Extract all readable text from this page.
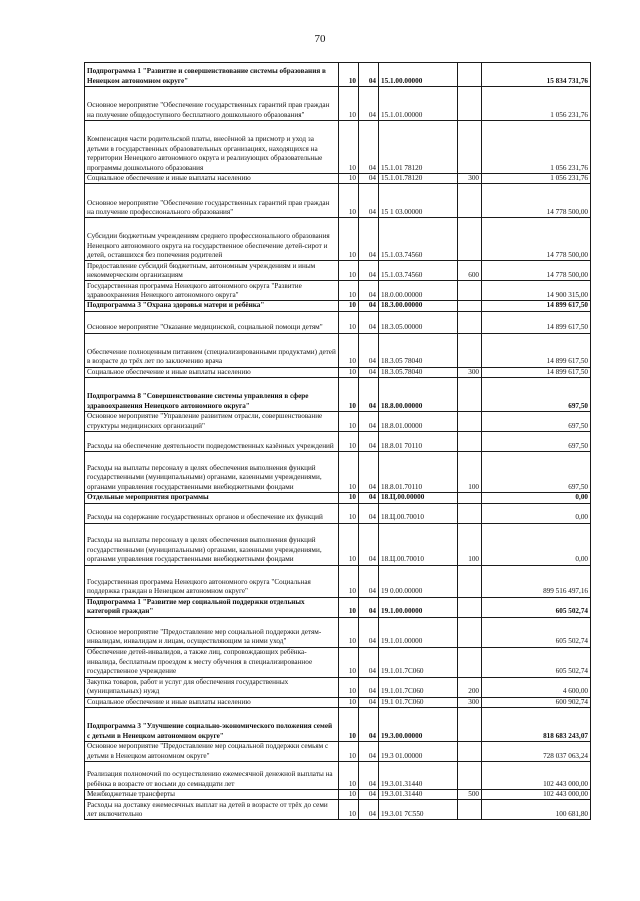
70
Подпрограмма 1 "Развитие и совершенствование системы образования в Ненецком автономном округе"	10	04	15.1.00.00000		15 834 731,76
Основное мероприятие "Обеспечение государственных гарантий прав граждан на получение общедоступного бесплатного дошкольного образования"	10	04	15.1.01.00000		1 056 231,76
Компенсация части родительской платы, внесённой за присмотр и уход за детьми в государственных образовательных организациях, находящихся на территории Ненецкого автономного округа и реализующих образовательные программы дошкольного образования	10	04	15.1.01 78120		1 056 231,76
Социальное обеспечение и иные выплаты населению	10	04	15.1.01.78120	300	1 056 231,76
Основное мероприятие "Обеспечение государственных гарантий прав граждан на получение профессионального образования"	10	04	15 1 03.00000		14 778 500,00
Субсидии бюджетным учреждениям среднего профессионального образования Ненецкого автономного округа на государственное обеспечение детей-сирот и детей, оставшихся без попечения родителей	10	04	15.1.03.74560		14 778 500,00
Предоставление субсидий бюджетным, автономным учреждениям и иным некоммерческим организациям	10	04	15.1.03.74560	600	14 778 500,00
Государственная программа Ненецкого автономного округа "Развитие здравоохранения Ненецкого автономного округа"	10	04	18.0.00.00000		14 900 315,00
Подпрограмма 3 "Охрана здоровья матери и ребёнка"	10	04	18.3.00.00000		14 899 617,50
Основное мероприятие "Оказание медицинской, социальной помощи детям"	10	04	18.3.05.00000		14 899 617,50
Обеспечение полноценным питанием (специализированными продуктами) детей в возрасте до трёх лет по заключению врача	10	04	18.3.05 78040		14 899 617,50
Социальное обеспечение и иные выплаты населению	10	04	18.3.05.78040	300	14 899 617,50
Подпрограмма 8 "Совершенствование системы управления в сфере здравоохранения Ненецкого автономного округа"	10	04	18.8.00.00000		697,50
Основное мероприятие "Управление развитием отрасли, совершенствование структуры медицинских организаций"	10	04	18.8.01.00000		697,50
Расходы на обеспечение деятельности подведомственных казённых учреждений	10	04	18.8.01 70110		697,50
Расходы на выплаты персоналу в целях обеспечения выполнения функций государственными (муниципальными) органами, казенными учреждениями, органами управления государственными внебюджетными фондами	10	04	18.8.01.70110	100	697,50
Отдельные мероприятия программы	10	04	18.Ц.00.00000		0,00
Расходы на содержание государственных органов и обеспечение их функций	10	04	18.Ц.00.70010		0,00
Расходы на выплаты персоналу в целях обеспечения выполнения функций государственными (муниципальными) органами, казенными учреждениями, органами управления государственными внебюджетными фондами	10	04	18.Ц.00.70010	100	0,00
Государственная программа Ненецкого автономного округа "Социальная поддержка граждан в Ненецком автономном округе"	10	04	19 0.00.00000		899 516 497,16
Подпрограмма 1 "Развитие мер социальной поддержки отдельных категорий граждан"	10	04	19.1.00.00000		605 502,74
Основное мероприятие "Предоставление мер социальной поддержки детям-инвалидам, инвалидам и лицам, осуществляющим за ними уход"	10	04	19.1.01.00000		605 502,74
Обеспечение детей-инвалидов, а также лиц, сопровождающих ребёнка-инвалида, бесплатным проездом к месту обучения в специализированное государственное учреждение	10	04	19.1.01.7С060		605 502,74
Закупка товаров, работ и услуг для обеспечения государственных (муниципальных) нужд	10	04	19.1.01.7С060	200	4 600,00
Социальное обеспечение и иные выплаты населению	10	04	19.1 01.7С060	300	600 902,74
Подпрограмма 3 "Улучшение социально-экономического положения семей с детьми в Ненецком автономном округе"	10	04	19.3.00.00000		818 683 243,07
Основное мероприятие "Предоставление мер социальной поддержки семьям с детьми в Ненецком автономном округе"	10	04	19.3 01.00000		728 037 063,24
Реализация полномочий по осуществлению ежемесячной денежной выплаты на ребёнка в возрасте от восьми до семнадцати лет	10	04	19.3.01.31440		102 443 000,00
Межбюджетные трансферты	10	04	19.3.01.31440	500	102 443 000,00
Расходы на доставку ежемесячных выплат на детей в возрасте от трёх до семи лет включительно	10	04	19.3.01 7С550		100 681,80
